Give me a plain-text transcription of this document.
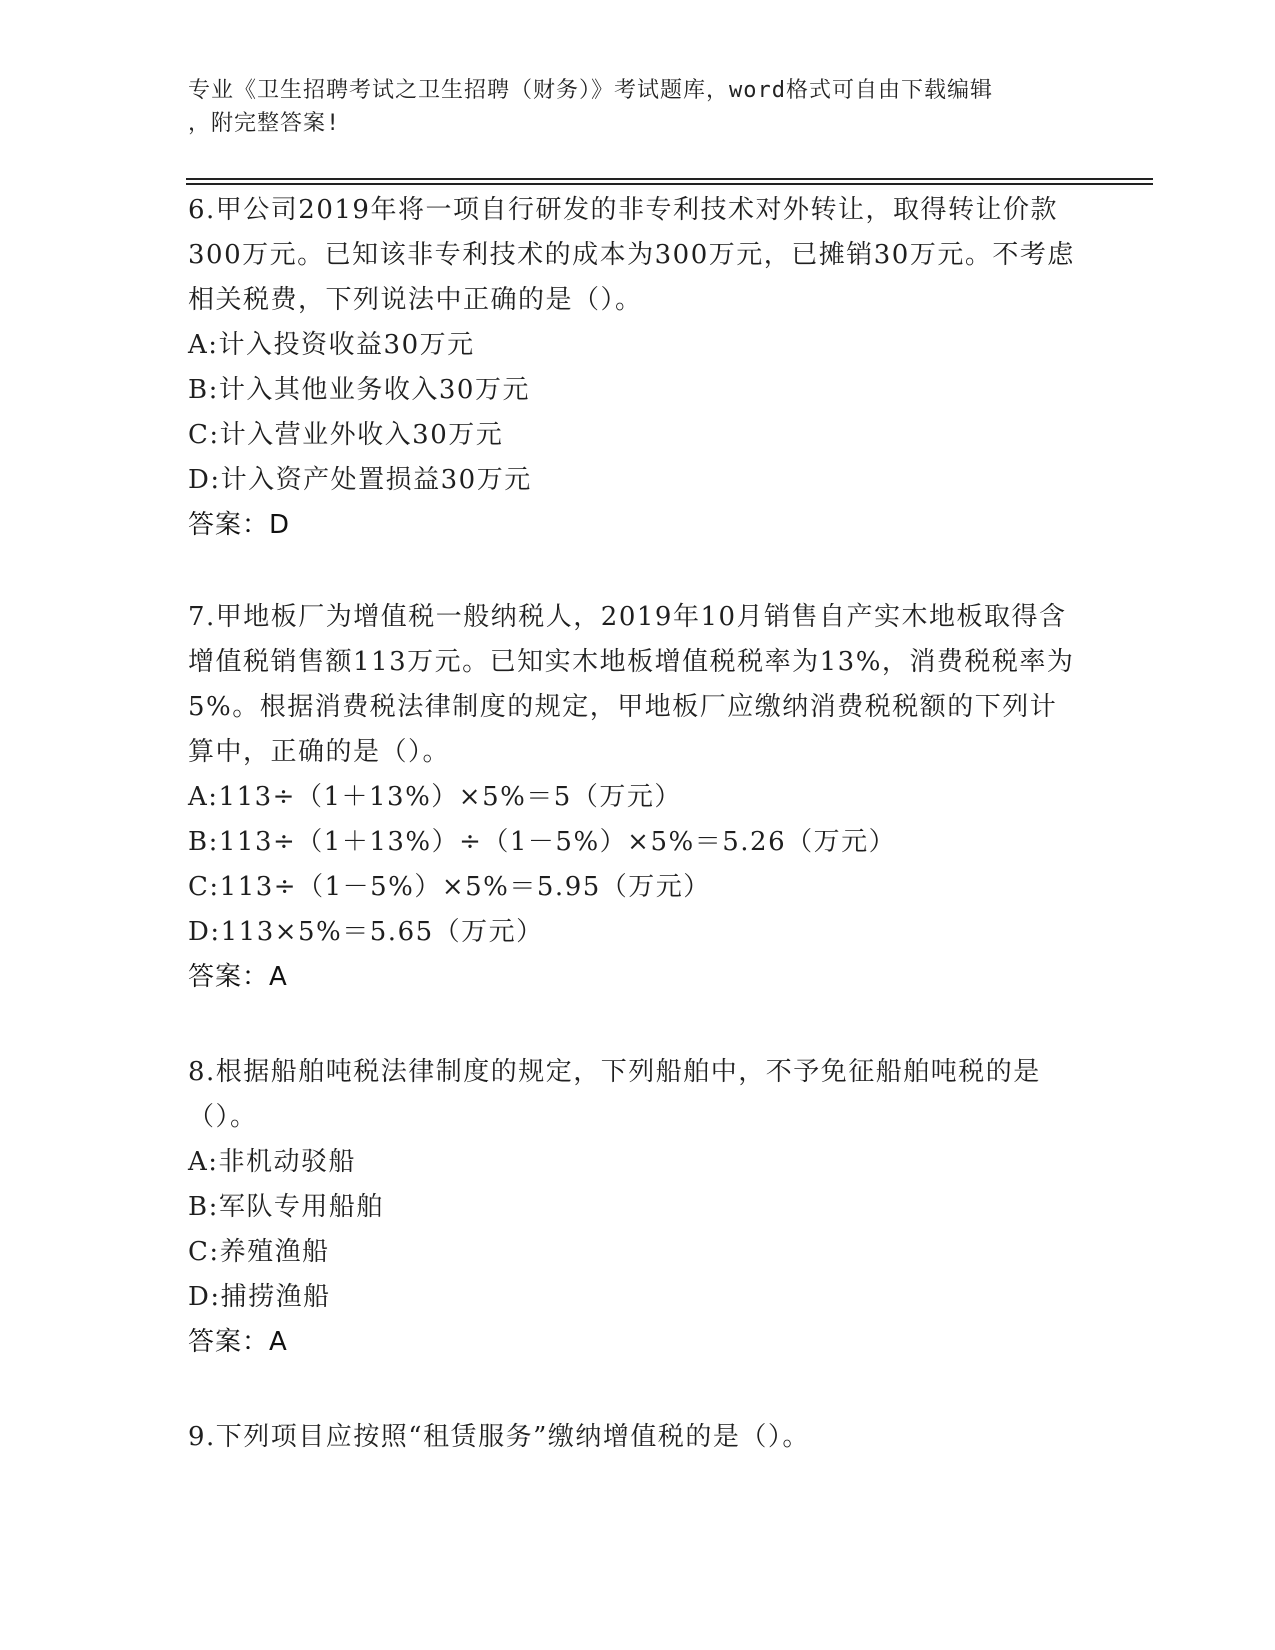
专业《卫生招聘考试之卫生招聘（财务）》考试题库，word格式可自由下载编辑
，附完整答案!

6.甲公司2019年将一项自行研发的非专利技术对外转让，取得转让价款300万元。已知该非专利技术的成本为300万元，已摊销30万元。不考虑相关税费，下列说法中正确的是（）。

A:计入投资收益30万元

B:计入其他业务收入30万元

C:计入营业外收入30万元

D:计入资产处置损益30万元

答案：D

7.甲地板厂为增值税一般纳税人，2019年10月销售自产实木地板取得含增值税销售额113万元。已知实木地板增值税税率为13%，消费税税率为5%。根据消费税法律制度的规定，甲地板厂应缴纳消费税税额的下列计算中，正确的是（）。

A:113÷（1＋13%）×5%＝5（万元）

B:113÷（1＋13%）÷（1－5%）×5%＝5.26（万元）

C:113÷（1－5%）×5%＝5.95（万元）

D:113×5%＝5.65（万元）

答案：A

8.根据船舶吨税法律制度的规定，下列船舶中，不予免征船舶吨税的是（）。

A:非机动驳船

B:军队专用船舶

C:养殖渔船

D:捕捞渔船

答案：A

9.下列项目应按照“租赁服务”缴纳增值税的是（）。
